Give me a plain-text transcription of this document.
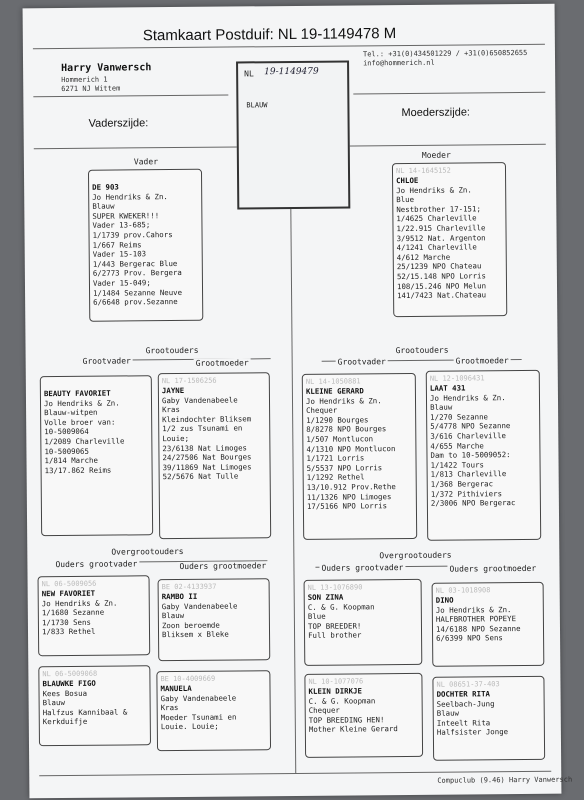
Stamkaart Postduif: NL 19-1149478 M
Harry Vanwersch
Hommerich 1
6271 NJ Wittem
Tel.: +31(0)434501229 / +31(0)650852655
info@hommerich.nl
NL 19-1149479
BLAUW
Vaderszijde:
Moederszijde:
Vader
Moeder

DE 903
Jo Hendriks & Zn.
Blauw
SUPER KWEKER!!!
Vader 13-685;
1/1739 prov.Cahors
1/667 Reims
Vader 15-103
1/443 Bergerac Blue
6/2773 Prov. Bergera
Vader 15-049;
1/1484 Sezanne Neuve
6/6648 prov.Sezanne
NL 14-1645152
CHLOE
Jo Hendriks & Zn.
Blue
Nestbrother 17-151;
1/4625 Charleville
1/22.915 Charleville
3/9512 Nat. Argenton
4/1241 Charleville
4/612 Marche
25/1239 NPO Chateau
52/15.148 NPO Lorris
108/15.246 NPO Melun
141/7423 Nat.Chateau
Grootouders
Grootvader	Grootmoeder
Grootouders
Grootvader	Grootmoeder

BEAUTY FAVORIET
Jo Hendriks & Zn.
Blauw-witpen
Volle broer van:
10-5009064
1/2089 Charleville
10-5009065
1/814 Marche
13/17.862 Reims
NL 17-1506256
JAYNE
Gaby Vandenabeele
Kras
Kleindochter Bliksem
1/2 zus Tsunami en
Louie;
23/6138 Nat Limoges
24/27506 Nat Bourges
39/11869 Nat Limoges
52/5676 Nat Tulle
NL 14-1050881
KLEINE GERARD
Jo Hendriks & Zn.
Chequer
1/1290 Bourges
8/8278 NPO Bourges
1/507 Montlucon
4/1310 NPO Montlucon
1/1721 Lorris
5/5537 NPO Lorris
1/1292 Rethel
13/10.912 Prov.Rethe
11/1326 NPO Limoges
17/5166 NPO Lorris
NL 12-1096431
LAAT 431
Jo Hendriks & Zn.
Blauw
1/270 Sezanne
5/4778 NPO Sezanne
3/616 Charleville
4/655 Marche
Dam to 10-5009052:
1/1422 Tours
1/813 Charleville
1/368 Bergerac
1/372 Pithiviers
2/3006 NPO Bergerac
Overgrootouders
Ouders grootvader	Ouders grootmoeder
Overgrootouders
Ouders grootvader	Ouders grootmoeder
NL 06-5009056
NEW FAVORIET
Jo Hendriks & Zn.
1/1680 Sezanne
1/1730 Sens
1/833 Rethel
BE 02-4133937
RAMBO II
Gaby Vandenabeele
Blauw
Zoon beroemde
Bliksem x Bleke
NL 06-5009068
BLAUWKE FIGO
Kees Bosua
Blauw
Halfzus Kannibaal &
Kerkduifje
BE 10-4009669
MANUELA
Gaby Vandenabeele
Kras
Moeder Tsunami en
Louie. Louie;
NL 13-1076890
SON ZINA
C. & G. Koopman
Blue
TOP BREEDER!
Full brother
NL 03-1018908
DINO
Jo Hendriks & Zn.
HALFBROTHER POPEYE
14/6188 NPO Sezanne
6/6399 NPO Sens
NL 10-1077076
KLEIN DIRKJE
C. & G. Koopman
Chequer
TOP BREEDING HEN!
Mother Kleine Gerard
NL 08651-37-403
DOCHTER RITA
Seelbach-Jung
Blauw
Inteelt Rita
Halfsister Jonge
Compuclub (9.46) Harry Vanwersch
